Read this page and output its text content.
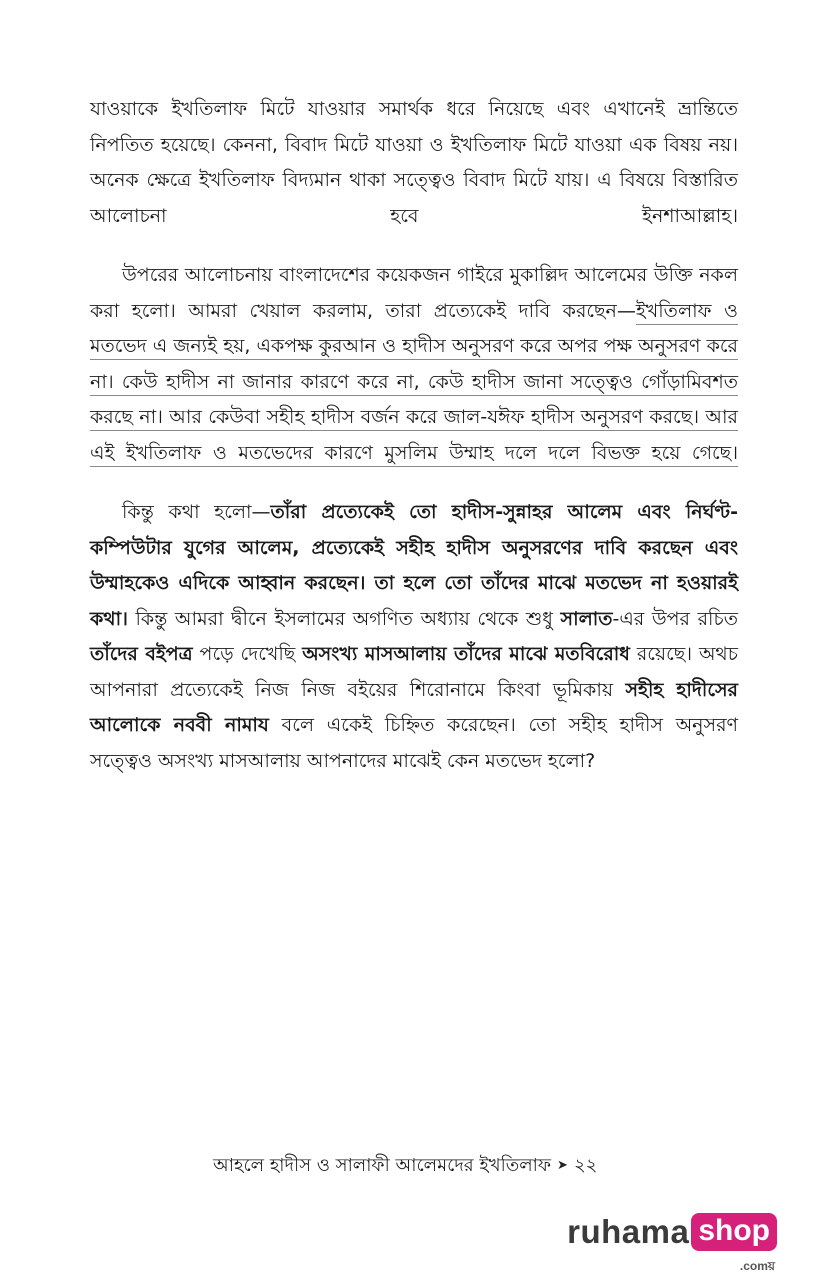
যাওয়াকে ইখতিলাফ মিটে যাওয়ার সমার্থক ধরে নিয়েছে এবং এখানেই ভ্রান্তিতে নিপতিত হয়েছে। কেননা, বিবাদ মিটে যাওয়া ও ইখতিলাফ মিটে যাওয়া এক বিষয় নয়। অনেক ক্ষেত্রে ইখতিলাফ বিদ্যমান থাকা সত্ত্বেও বিবাদ মিটে যায়। এ বিষয়ে বিস্তারিত আলোচনা হবে ইনশাআল্লাহ।

উপরের আলোচনায় বাংলাদেশের কয়েকজন গাইরে মুকাল্লিদ আলেমের উক্তি নকল করা হলো। আমরা খেয়াল করলাম, তারা প্রত্যেকেই দাবি করছেন—ইখতিলাফ ও মতভেদ এ জন্যই হয়, একপক্ষ কুরআন ও হাদীস অনুসরণ করে অপর পক্ষ অনুসরণ করে না। কেউ হাদীস না জানার কারণে করে না, কেউ হাদীস জানা সত্ত্বেও গোঁড়ামিবশত করছে না। আর কেউবা সহীহ হাদীস বর্জন করে জাল-যঈফ হাদীস অনুসরণ করছে। আর এই ইখতিলাফ ও মতভেদের কারণে মুসলিম উম্মাহ দলে দলে বিভক্ত হয়ে গেছে।

কিন্তু কথা হলো—তাঁরা প্রত্যেকেই তো হাদীস-সুন্নাহর আলেম এবং নির্ঘণ্ট-কম্পিউটার যুগের আলেম, প্রত্যেকেই সহীহ হাদীস অনুসরণের দাবি করছেন এবং উম্মাহকেও এদিকে আহ্বান করছেন। তা হলে তো তাঁদের মাঝে মতভেদ না হওয়ারই কথা। কিন্তু আমরা দ্বীনে ইসলামের অগণিত অধ্যায় থেকে শুধু সালাত-এর উপর রচিত তাঁদের বইপত্র পড়ে দেখেছি অসংখ্য মাসআলায় তাঁদের মাঝে মতবিরোধ রয়েছে। অথচ আপনারা প্রত্যেকেই নিজ নিজ বইয়ের শিরোনামে কিংবা ভূমিকায় সহীহ হাদীসের আলোকে নববী নামায বলে একেই চিহ্নিত করেছেন। তো সহীহ হাদীস অনুসরণ সত্ত্বেও অসংখ্য মাসআলায় আপনাদের মাঝেই কেন মতভেদ হলো?

আহলে হাদীস ও সালাফী আলেমদের ইখতিলাফ ➤ ২২
ruhama shop
.comয়
